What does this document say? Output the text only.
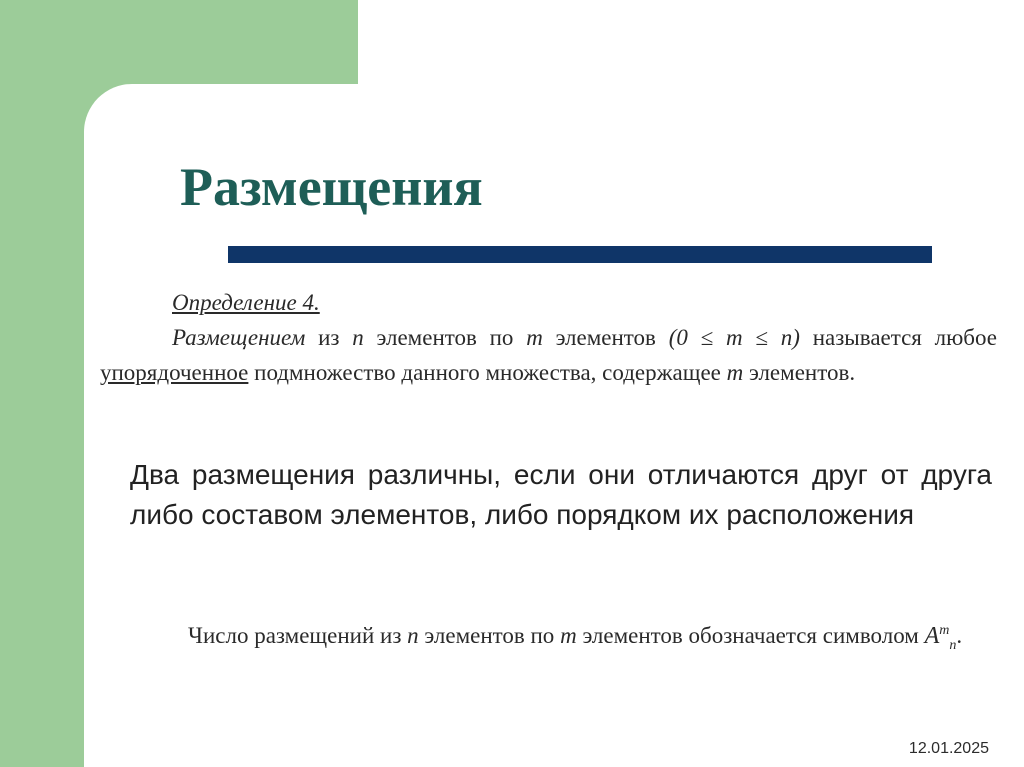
Размещения

Определение 4.

Размещением из n элементов по m элементов (0 ≤ m ≤ n) называется любое упорядоченное подмножество данного множества, содержащее m элементов.

Два размещения различны, если они отличаются друг от друга либо составом элементов, либо порядком их расположения

Число размещений из n элементов по m элементов обозначается символом $A^m_n$.

12.01.2025
